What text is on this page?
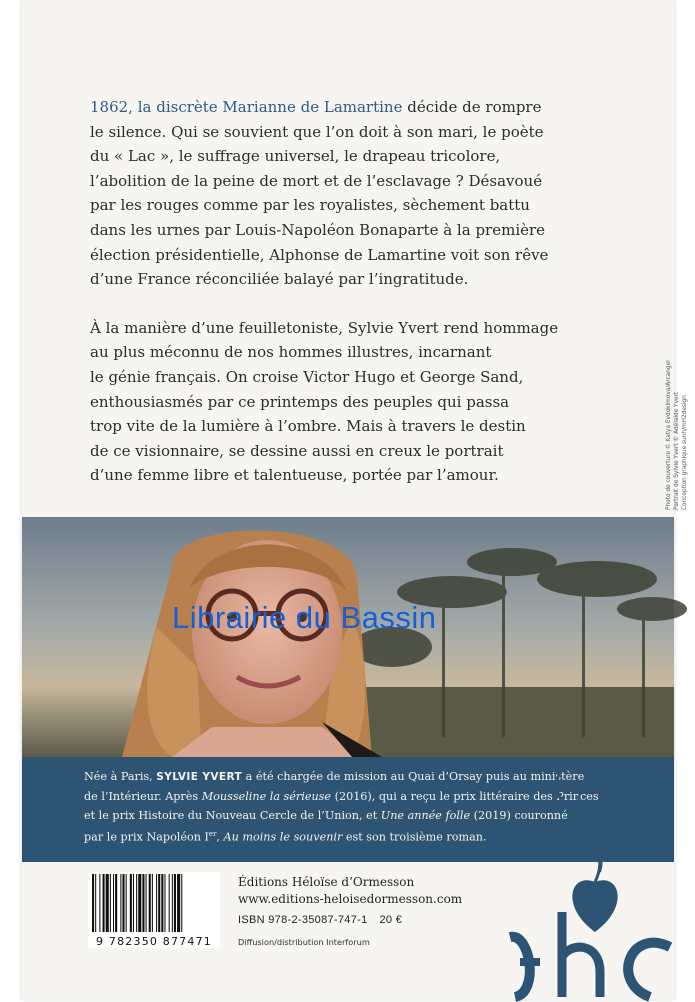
1862, la discrète Marianne de Lamartine décide de rompre
le silence. Qui se souvient que l’on doit à son mari, le poète
du « Lac », le suffrage universel, le drapeau tricolore,
l’abolition de la peine de mort et de l’esclavage ? Désavoué
par les rouges comme par les royalistes, sèchement battu
dans les urnes par Louis-Napoléon Bonaparte à la première
élection présidentielle, Alphonse de Lamartine voit son rêve
d’une France réconciliée balayé par l’ingratitude.

À la manière d’une feuilletoniste, Sylvie Yvert rend hommage
au plus méconnu de nos hommes illustres, incarnant
le génie français. On croise Victor Hugo et George Sand,
enthousiasmés par ce printemps des peuples qui passa
trop vite de la lumière à l’ombre. Mais à travers le destin
de ce visionnaire, se dessine aussi en creux le portrait
d’une femme libre et talentueuse, portée par l’amour.	Photo de couverture © Katya Evdokimova/Arcangel Portrait de Sylvie Yvert © Adélaïde Yvert Conception graphique sunh/mH2design
Librairie du Bassin
Née à Paris, SYLVIE YVERT a été chargée de mission au Quai d’Orsay puis au ministère
de l’Intérieur. Après Mousseline la sérieuse (2016), qui a reçu le prix littéraire des Princes
et le prix Histoire du Nouveau Cercle de l’Union, et Une année folle (2019) couronné
par le prix Napoléon Ier, Au moins le souvenir est son troisième roman.
9 782350 877471
Éditions Héloïse d’Ormesson
www.editions-heloisedormesson.com
ISBN 978-2-35087-747-1 20 €
Diffusion/distribution Interforum
